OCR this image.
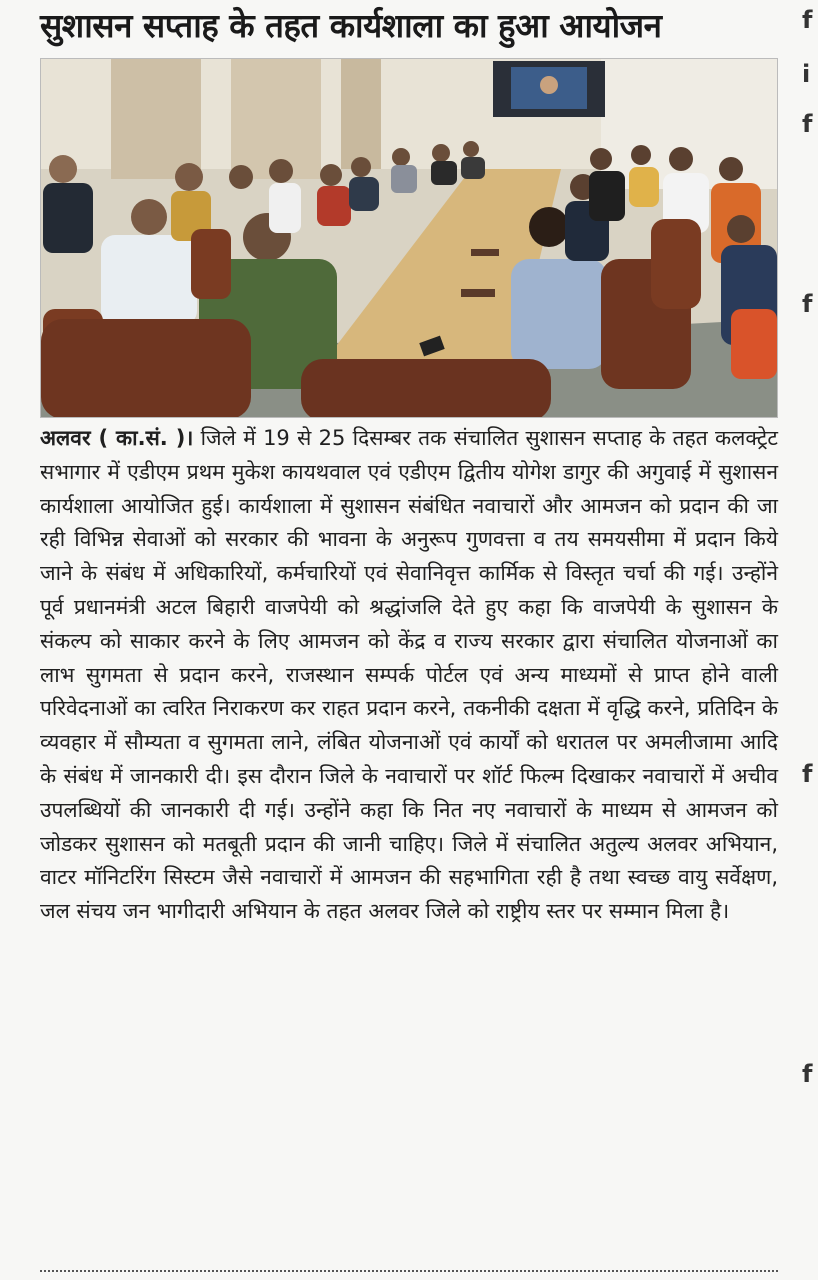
सुशासन सप्ताह के तहत कार्यशाला का हुआ आयोजन	f
i
f
f
f
f
अलवर ( का.सं. )। जिले में 19 से 25 दिसम्बर तक संचालित सुशासन सप्ताह के तहत कलक्ट्रेट सभागार में एडीएम प्रथम मुकेश कायथवाल एवं एडीएम द्वितीय योगेश डागुर की अगुवाई में सुशासन कार्यशाला आयोजित हुई। कार्यशाला में सुशासन संबंधित नवाचारों और आमजन को प्रदान की जा रही विभिन्न सेवाओं को सरकार की भावना के अनुरूप गुणवत्ता व तय समयसीमा में प्रदान किये जाने के संबंध में अधिकारियों, कर्मचारियों एवं सेवानिवृत्त कार्मिक से विस्तृत चर्चा की गई। उन्होंने पूर्व प्रधानमंत्री अटल बिहारी वाजपेयी को श्रद्धांजलि देते हुए कहा कि वाजपेयी के सुशासन के संकल्प को साकार करने के लिए आमजन को केंद्र व राज्य सरकार द्वारा संचालित योजनाओं का लाभ सुगमता से प्रदान करने, राजस्थान सम्पर्क पोर्टल एवं अन्य माध्यमों से प्राप्त होने वाली परिवेदनाओं का त्वरित निराकरण कर राहत प्रदान करने, तकनीकी दक्षता में वृद्धि करने, प्रतिदिन के व्यवहार में सौम्यता व सुगमता लाने, लंबित योजनाओं एवं कार्यों को धरातल पर अमलीजामा आदि के संबंध में जानकारी दी। इस दौरान जिले के नवाचारों पर शॉर्ट फिल्म दिखाकर नवाचारों में अचीव उपलब्धियों की जानकारी दी गई। उन्होंने कहा कि नित नए नवाचारों के माध्यम से आमजन को जोडकर सुशासन को मतबूती प्रदान की जानी चाहिए। जिले में संचालित अतुल्य अलवर अभियान, वाटर मॉनिटरिंग सिस्टम जैसे नवाचारों में आमजन की सहभागिता रही है तथा स्वच्छ वायु सर्वेक्षण, जल संचय जन भागीदारी अभियान के तहत अलवर जिले को राष्ट्रीय स्तर पर सम्मान मिला है।
